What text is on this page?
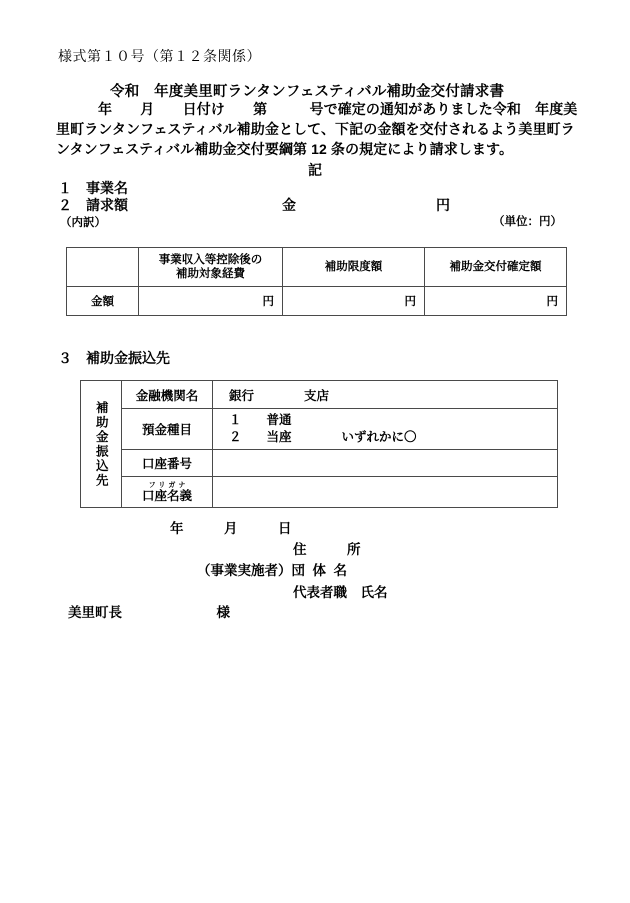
様式第１０号（第１２条関係）
令和　年度美里町ランタンフェスティバル補助金交付請求書
年　　月　　日付け　　第　　　号で確定の通知がありました令和　年度美
里町ランタンフェスティバル補助金として、下記の金額を交付されるよう美里町ラ
ンタンフェスティバル補助金交付要綱第 12 条の規定により請求します。
記
１　事業名
２　請求額　　　　　　　　　　　金　　　　　　　　　　円
（内訳）	（単位：円）

	事業収入等控除後の
補助対象経費	補助限度額	補助金交付確定額
金額	円	円	円
３　補助金振込先
補助金振込先	金融機関名	銀行　　　　支店
	預金種目	１　　普通
２　　当座　　　　いずれかに〇

	口座番号	

	フリガナ
口座名義	

年　　　月　　　日
住　　　所
（事業実施者）団  体  名
代表者職　氏名
美里町長　　　　　　　様
